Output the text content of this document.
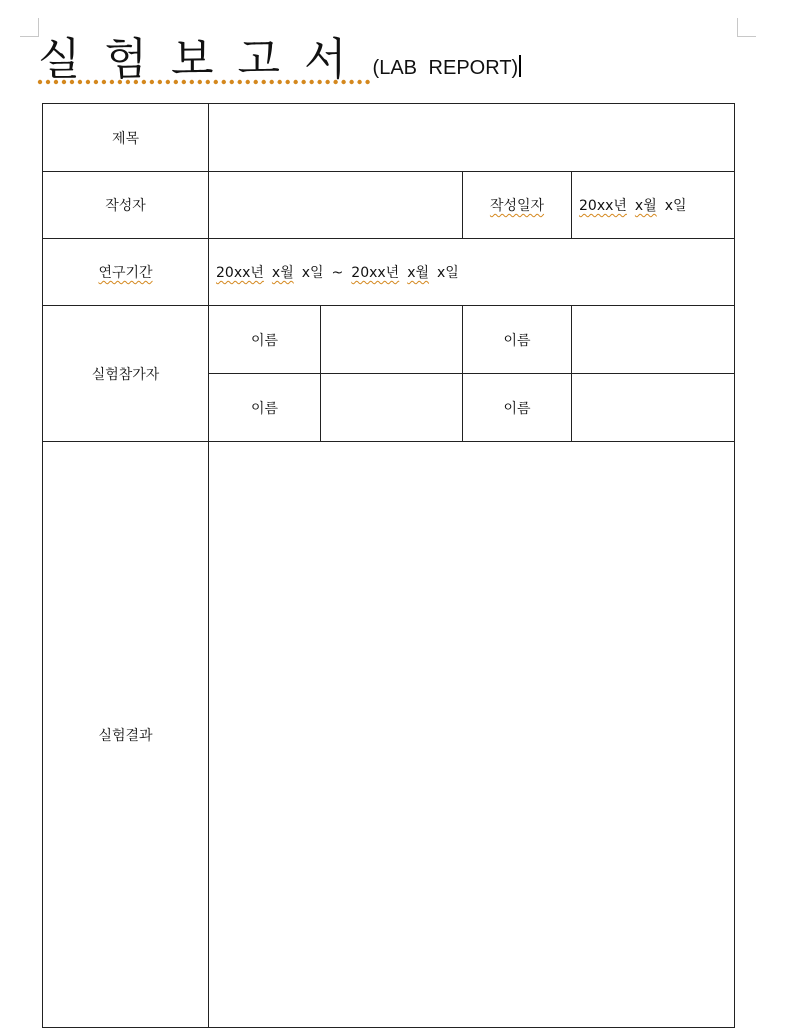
실험보고서 (LAB REPORT)
제목				
작성자			작성일자	20xx년 x월 x일
연구기간	20xx년 x월 x일 ~ 20xx년 x월 x일			
실험참가자	이름		이름	
	이름		이름	
실험결과				
